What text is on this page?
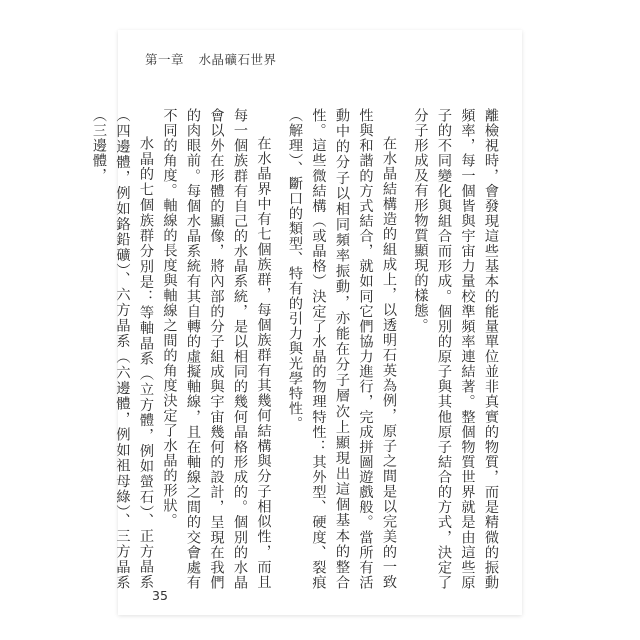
第一章 水晶礦石世界

離檢視時，會發現這些基本的能量單位並非真實的物質，而是精微的振動頻率，每一個皆與宇宙力量校準頻率連結著。整個物質世界就是由這些原子的不同變化與組合而形成。個別的原子與其他原子結合的方式，決定了分子形成及有形物質顯現的樣態。

在水晶結構造的組成上，以透明石英為例，原子之間是以完美的一致性與和諧的方式結合，就如同它們協力進行，完成拼圖遊戲般。當所有活動中的分子以相同頻率振動，亦能在分子層次上顯現出這個基本的整合性。這些微結構（或晶格）決定了水晶的物理特性：其外型、硬度、裂痕（解理）、斷口的類型、特有的引力與光學特性。

在水晶界中有七個族群，每個族群有其幾何結構與分子相似性，而且每一個族群有自己的水晶系統，是以相同的幾何晶格形成的。個別的水晶會以外在形體的顯像，將內部的分子組成與宇宙幾何的設計，呈現在我們的肉眼前。每個水晶系統有其自轉的虛擬軸線，且在軸線之間的交會處有不同的角度。軸線的長度與軸線之間的角度決定了水晶的形狀。

水晶的七個族群分別是：等軸晶系（立方體，例如螢石）、正方晶系（四邊體，例如鉻鉛礦）、六方晶系（六邊體，例如祖母綠）、三方晶系（三邊體，

35
